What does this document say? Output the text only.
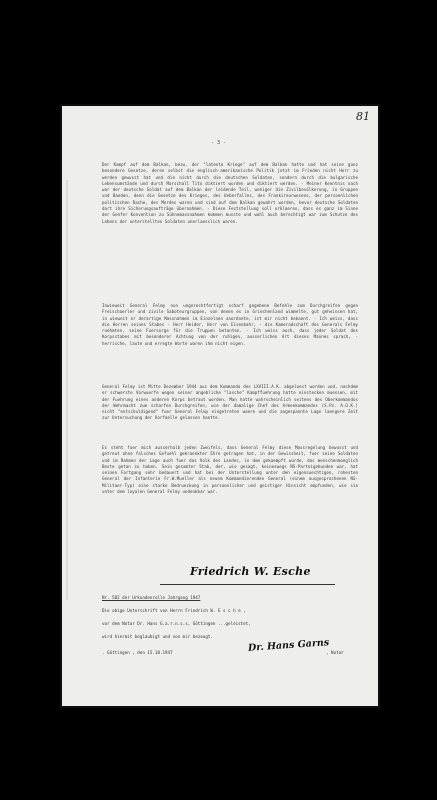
81
- 3 -
Der Kampf auf dem Balkan, bezw. der "latente Kriege" auf dem Balkan hatte und hat seine ganz besondere Gesetze, deren selbst die englisch-amerikanische Politik jetzt im Frieden nicht Herr zu werden gewusst hat und die nicht durch die deutschen Soldaten, sondern durch die bulgarische Lebensumstände und durch Marschall Tito diktiert wurden und diktiert werden. - Meiner Kenntnis nach war der deutsche Soldat auf dem Balkan der leidende Teil, weniger die Zivilbevölkerung, in Gruppen und Banden, denn die Gesetze des Krieges, des Ueberfalles, des Frankireurwesens, der persoenlichen politischen Rache, des Mordes waren und sind auf dem Balkan gewahrt worden, bevor deutsche Soldaten dort ihre Sicherungsaufträge übernahmen. - Diese Feststellung soll erklaeren, dass es ganz im Sinne der Genfer Konvention zu Sühnemassnahmen kommen musste und wohl auch berechtigt war zum Schutze des Lebens der unterstellten Soldaten unerlaesslich waren.
Inwieweit General Felmy nun ungerechtfertigt scharf gegebene Befehle zum Durchgreifen gegen Freischaerler und zivile Saboteurgruppen, von denen es in Griechenland wimmelte, gut geheissen hat, in wieweit er derartige Massnahmen im Einzelnen anordnete, ist mir nicht bekannt. - Ich weiss, dass die Herren seines Stabes - Herr Heider, Herr von Eisenbahr, - die Kameradschaft des Generals Felmy ruehmten, seine Fuersorge für die Truppen betonten. - Ich weiss auch, dass jeder Soldat des Korpsstabes mit besonderer Achtung von der ruhigen, ausserlichen Art dieses Mannes sprach, - herrische, laute und erregte Worte waren ihm nicht eigen.
General Felmy ist Mitte Dezember 1944 aus dem Kommando des LXVIII.A.K. abgeloest worden und, nachdem er schwerste Vorwuerfe wegen seiner angebliche "lasche" Kampffuehrung hatte einstecken muessen, mit der Fuehrung eines anderen Korps betraut worden. Man hatte wahrscheinlich seitens des Oberkommandos der Wehrmacht zum scharfen Durchgreifen, wie der damalige Chef des Armeekommandos (S.Pz. A.O.K.) nicht "entschuldigend" fuer General Felmy eingetreten waere und die angespannte Lage laengere Zeit zur Untersuchung der Vorfaelle gelassen haette.
Es steht fuer mich ausserhalb jeden Zweifels, dass General Felmy diese Massregelung bewusst und getreut ohne falsches Gefuehl gekraenkter Ehre getragen hat, in der Gewissheit, fuer seine Soldaten und im Rahmen der Lage auch fuer das Volk des Landes, in dem gekaempft wurde, das menschenmoeglich Beste getan zu haben. Sein gesamter Stab, der, wie gesagt, keineswegs NS-Parteigebunden war, hat seinen Fortgang sehr bedauert und hat bei der Unterstellung unter den eigensuechtigen, rohesten General der Infanterie Fr.W.Mueller als neuem Kommandierenden General (einem ausgesprochenen NS-Militaer-Typ) eine starke Bedrueckung in persoenlicher und geistiger Hinsicht empfunden, wie sie unter dem loyalen General Felmy undenkbar war.
Friedrich W. Esche
Nr. 582 der Urkundenrolle Jahrgang 1947
Die obige Unterschrift von Herrn Friedrich W. E s c h e ,
vor dem Notar Dr. Hans G.a.r.n.s.s, Göttingen ...geleistet,
wird hiermit beglaubigt und von mir bezeugt.
. Göttingen , den 15.10.1947	Dr. Hans Garns
, Notar
